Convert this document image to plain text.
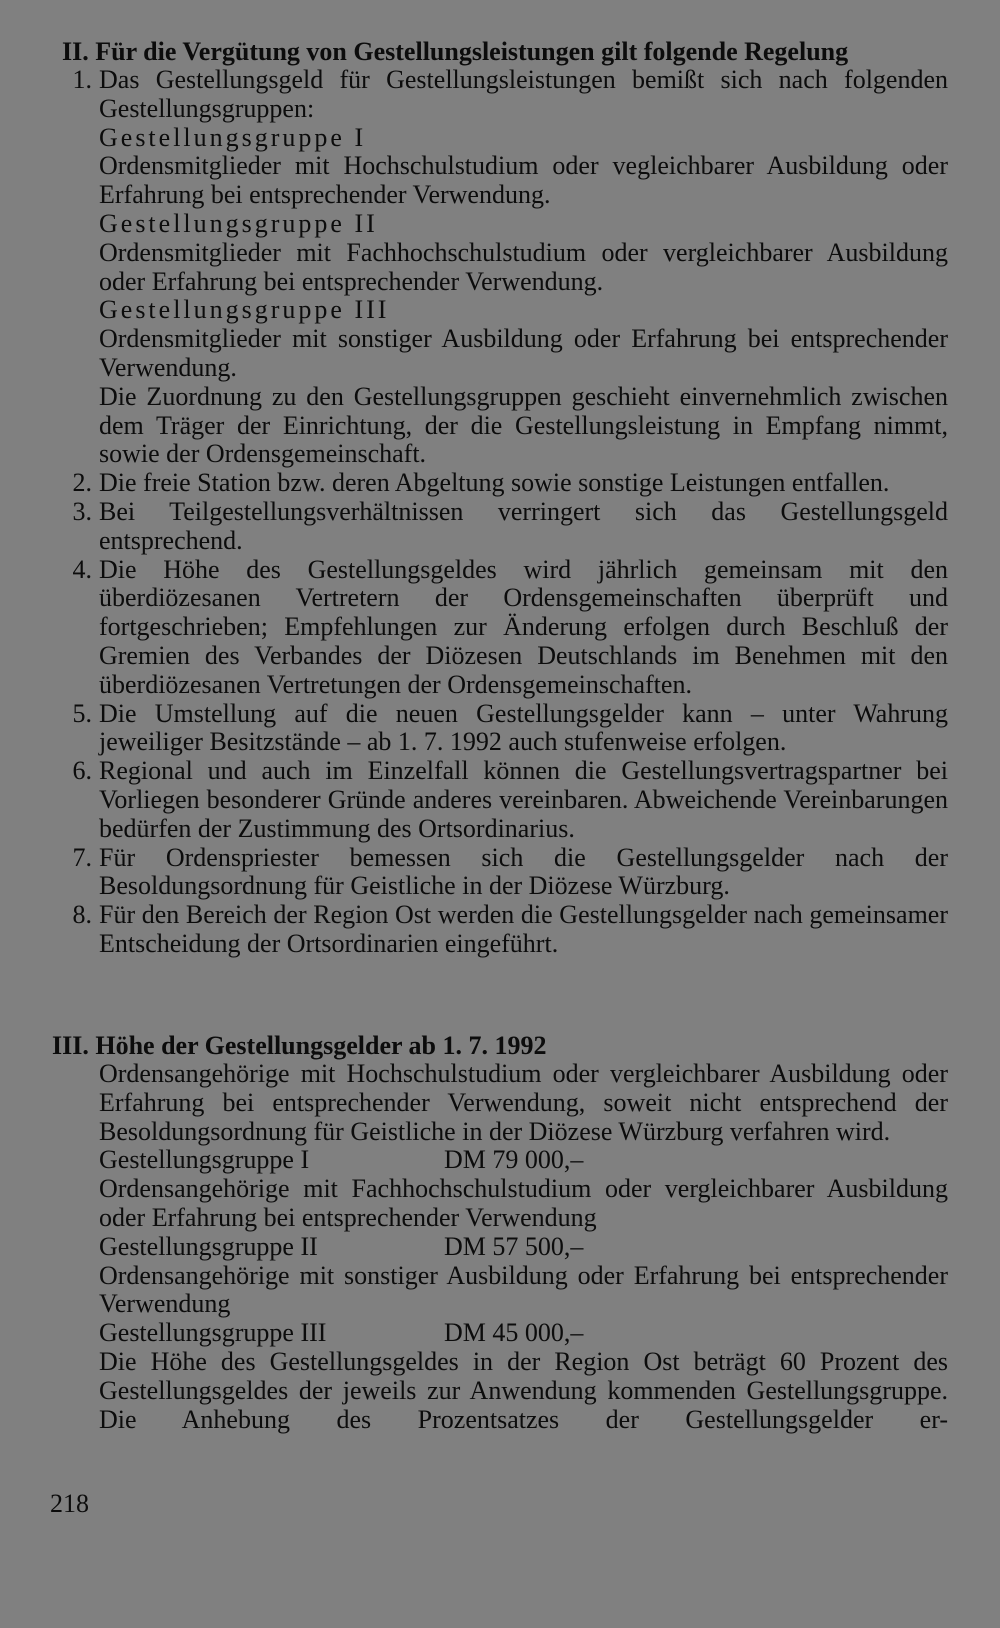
II. Für die Vergütung von Gestellungsleistungen gilt folgende Regelung
1. Das Gestellungsgeld für Gestellungsleistungen bemißt sich nach folgenden Gestellungsgruppen:
Gestellungsgruppe I
Ordensmitglieder mit Hochschulstudium oder vegleichbarer Ausbildung oder Erfahrung bei entsprechender Verwendung.
Gestellungsgruppe II
Ordensmitglieder mit Fachhochschulstudium oder vergleichbarer Ausbildung oder Erfahrung bei entsprechender Verwendung.
Gestellungsgruppe III
Ordensmitglieder mit sonstiger Ausbildung oder Erfahrung bei entsprechender Verwendung.
Die Zuordnung zu den Gestellungsgruppen geschieht einvernehmlich zwischen dem Träger der Einrichtung, der die Gestellungsleistung in Empfang nimmt, sowie der Ordensgemeinschaft.
2. Die freie Station bzw. deren Abgeltung sowie sonstige Leistungen entfallen.
3. Bei Teilgestellungsverhältnissen verringert sich das Gestellungsgeld entsprechend.
4. Die Höhe des Gestellungsgeldes wird jährlich gemeinsam mit den überdiözesanen Vertretern der Ordensgemeinschaften überprüft und fortgeschrieben; Empfehlungen zur Änderung erfolgen durch Beschluß der Gremien des Verbandes der Diözesen Deutschlands im Benehmen mit den überdiözesanen Vertretungen der Ordensgemeinschaften.
5. Die Umstellung auf die neuen Gestellungsgelder kann – unter Wahrung jeweiliger Besitzstände – ab 1. 7. 1992 auch stufenweise erfolgen.
6. Regional und auch im Einzelfall können die Gestellungsvertragspartner bei Vorliegen besonderer Gründe anderes vereinbaren. Abweichende Vereinbarungen bedürfen der Zustimmung des Ortsordinarius.
7. Für Ordenspriester bemessen sich die Gestellungsgelder nach der Besoldungsordnung für Geistliche in der Diözese Würzburg.
8. Für den Bereich der Region Ost werden die Gestellungsgelder nach gemeinsamer Entscheidung der Ortsordinarien eingeführt.
III. Höhe der Gestellungsgelder ab 1. 7. 1992
Ordensangehörige mit Hochschulstudium oder vergleichbarer Ausbildung oder Erfahrung bei entsprechender Verwendung, soweit nicht entsprechend der Besoldungsordnung für Geistliche in der Diözese Würzburg verfahren wird.
Gestellungsgruppe I	DM 79 000,–
Ordensangehörige mit Fachhochschulstudium oder vergleichbarer Ausbildung oder Erfahrung bei entsprechender Verwendung
Gestellungsgruppe II	DM 57 500,–
Ordensangehörige mit sonstiger Ausbildung oder Erfahrung bei entsprechender Verwendung
Gestellungsgruppe III	DM 45 000,–
Die Höhe des Gestellungsgeldes in der Region Ost beträgt 60 Prozent des Gestellungsgeldes der jeweils zur Anwendung kommenden Gestellungsgruppe. Die Anhebung des Prozentsatzes der Gestellungsgelder er-
218
